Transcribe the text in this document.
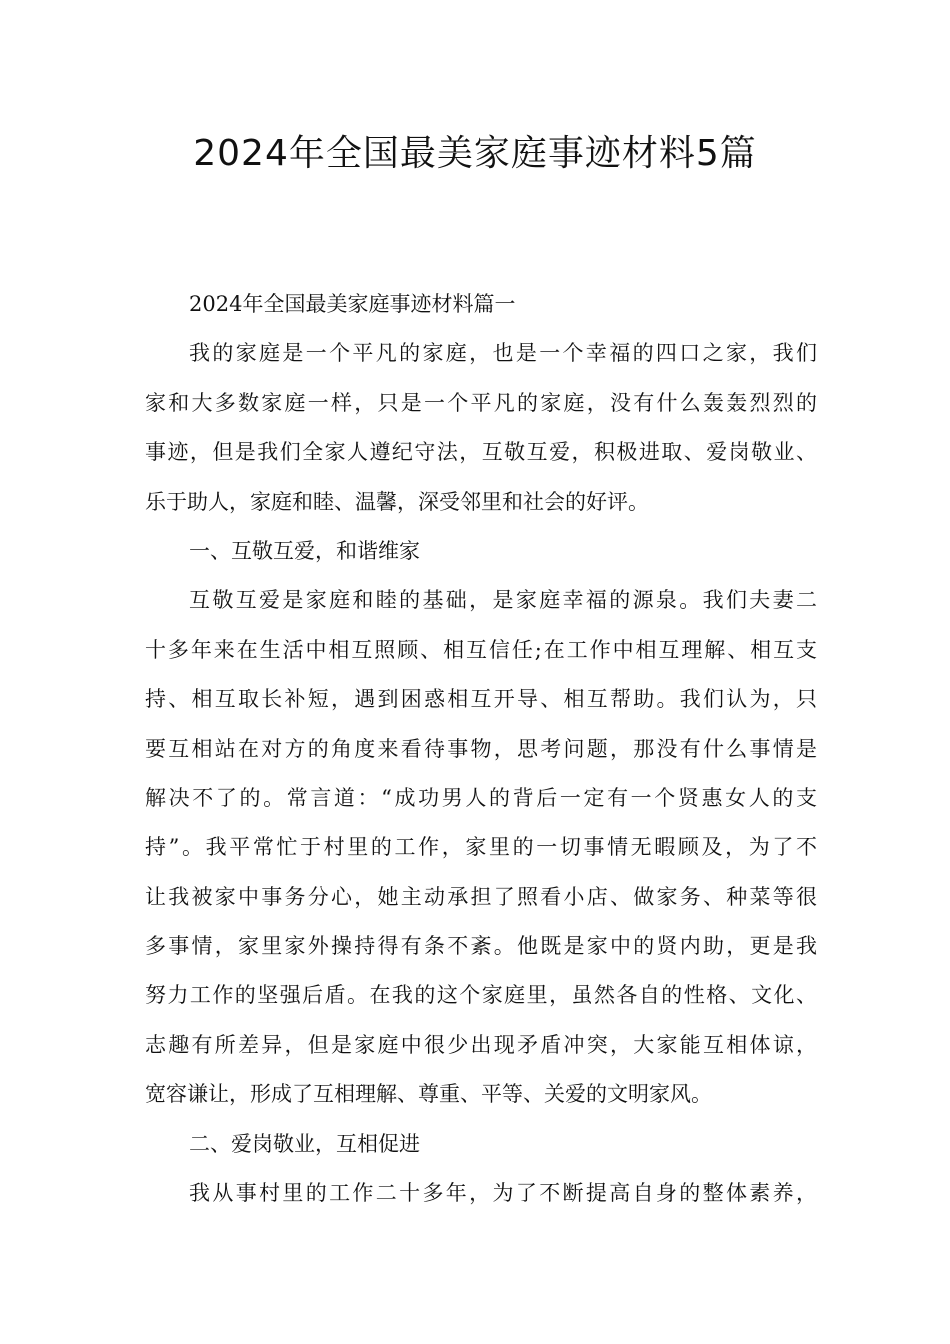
2024年全国最美家庭事迹材料5篇
2024年全国最美家庭事迹材料篇一
我的家庭是一个平凡的家庭，也是一个幸福的四口之家，我们
家和大多数家庭一样，只是一个平凡的家庭，没有什么轰轰烈烈的
事迹，但是我们全家人遵纪守法，互敬互爱，积极进取、爱岗敬业、
乐于助人，家庭和睦、温馨，深受邻里和社会的好评。
一、互敬互爱，和谐维家
互敬互爱是家庭和睦的基础，是家庭幸福的源泉。我们夫妻二
十多年来在生活中相互照顾、相互信任;在工作中相互理解、相互支
持、相互取长补短，遇到困惑相互开导、相互帮助。我们认为，只
要互相站在对方的角度来看待事物，思考问题，那没有什么事情是
解决不了的。常言道：“成功男人的背后一定有一个贤惠女人的支
持”。我平常忙于村里的工作，家里的一切事情无暇顾及，为了不
让我被家中事务分心，她主动承担了照看小店、做家务、种菜等很
多事情，家里家外操持得有条不紊。他既是家中的贤内助，更是我
努力工作的坚强后盾。在我的这个家庭里，虽然各自的性格、文化、
志趣有所差异，但是家庭中很少出现矛盾冲突，大家能互相体谅，
宽容谦让，形成了互相理解、尊重、平等、关爱的文明家风。
二、爱岗敬业，互相促进
我从事村里的工作二十多年，为了不断提高自身的整体素养，
